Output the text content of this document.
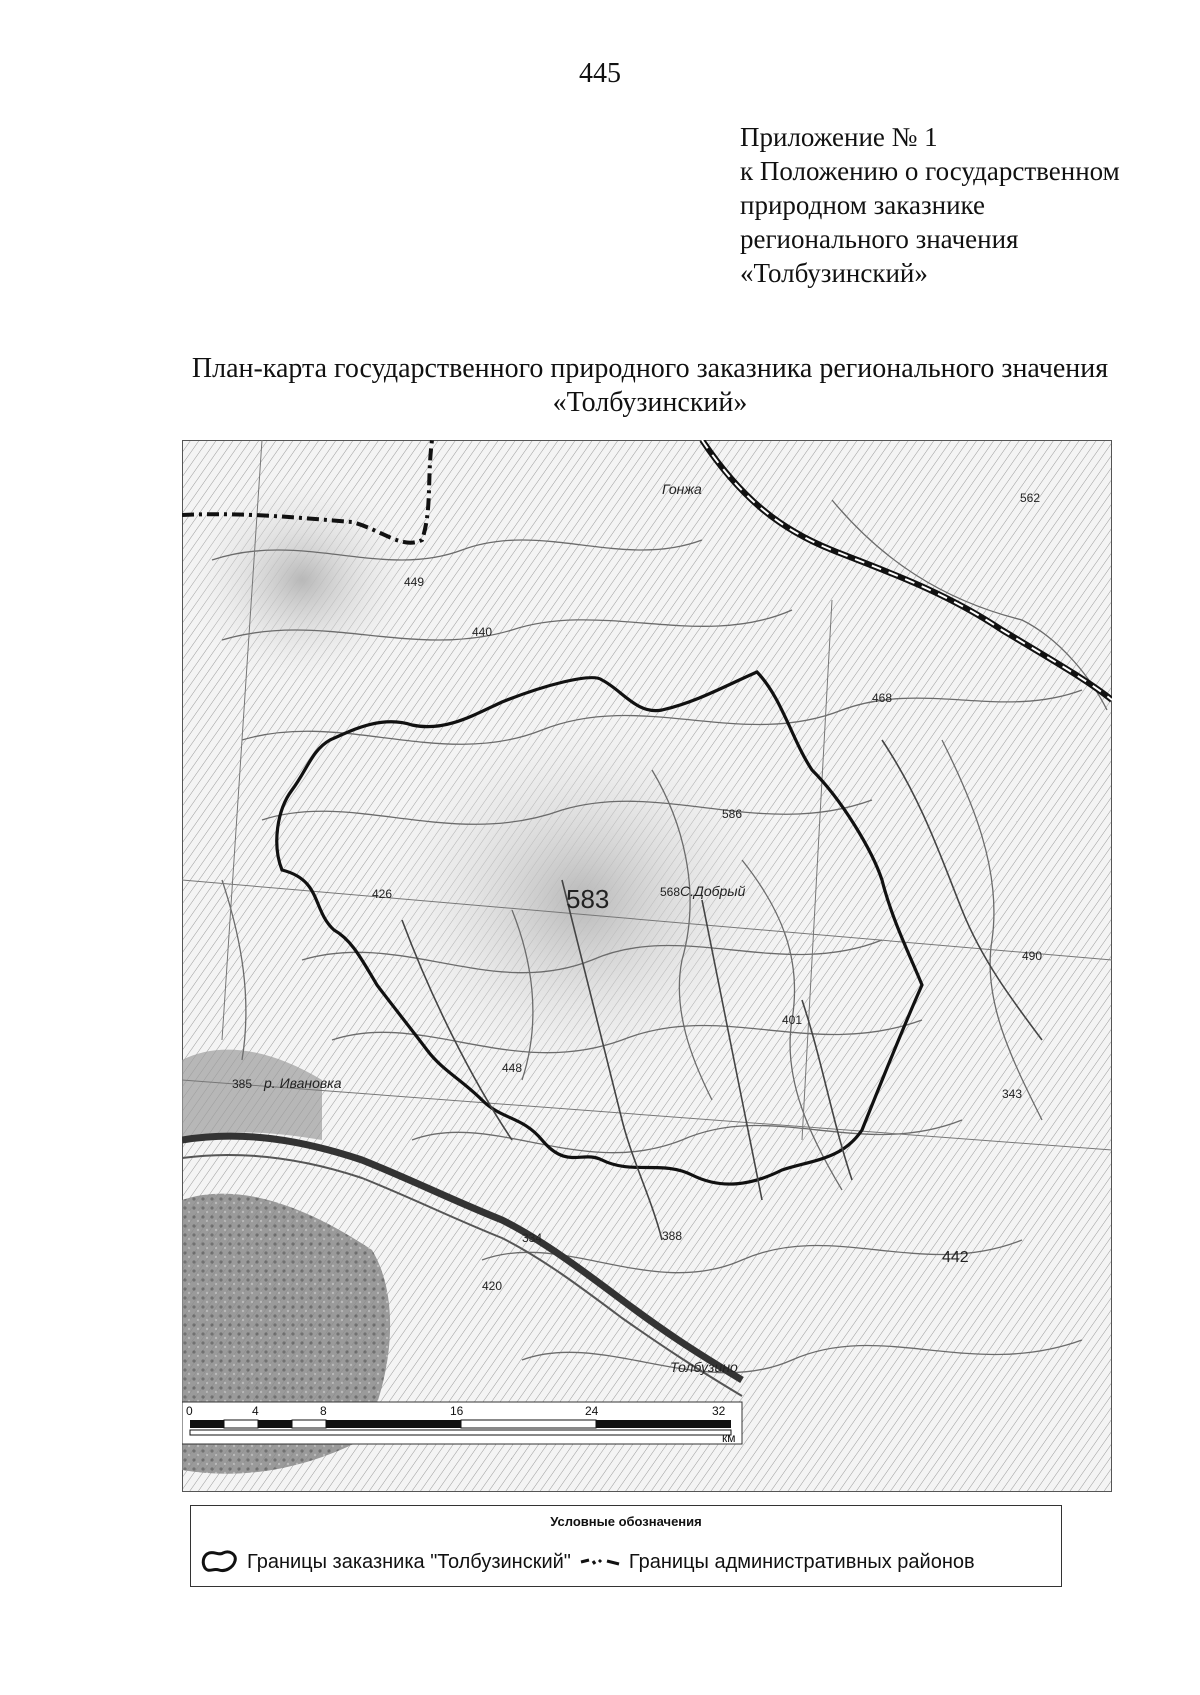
445
Приложение № 1
к Положению о государственном
природном заказнике
регионального значения
«Толбузинский»
План-карта государственного природного заказника регионального значения
«Толбузинский»
583	568 С.Добрый
562
440
442
343
334
420
388
448
385 р. Ивановка
401
468
426
586
449
490
Толбузино
Гонжа
0	4	8	16	24	32
км
Условные обозначения
Границы заказника "Толбузинский"	Границы административных районов
